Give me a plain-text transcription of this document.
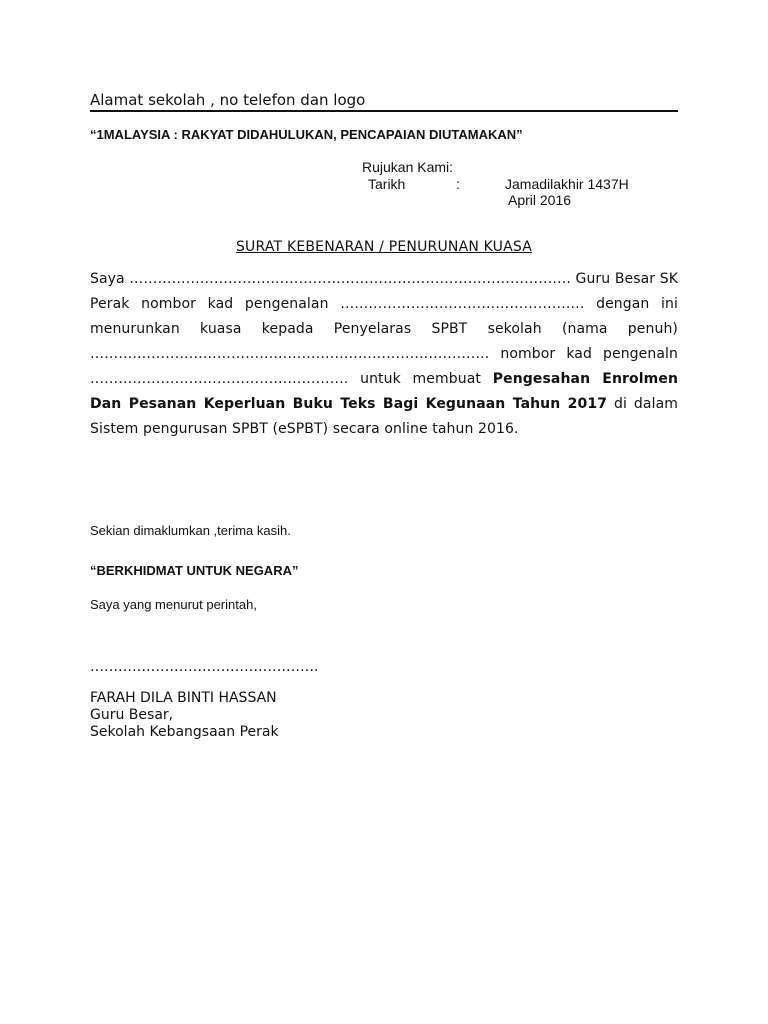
Alamat sekolah , no telefon dan logo
“1MALAYSIA : RAKYAT DIDAHULUKAN, PENCAPAIAN DIUTAMAKAN”
Rujukan Kami:
Tarikh	:	Jamadilakhir 1437H
April 2016
SURAT KEBENARAN / PENURUNAN KUASA
Saya …………………………………………………………………………………. Guru Besar SK Perak nombor kad pengenalan ……………………………………………. dengan ini menurunkan kuasa kepada Penyelaras SPBT sekolah (nama penuh) …………………………………………………………………………. nombor kad pengenaln ………………………………………………. untuk membuat Pengesahan Enrolmen Dan Pesanan Keperluan Buku Teks Bagi Kegunaan Tahun 2017 di dalam Sistem pengurusan SPBT (eSPBT) secara online tahun 2016.
Sekian dimaklumkan ,terima kasih.
“BERKHIDMAT UNTUK NEGARA”
Saya yang menurut perintah,
………………………………………….
FARAH DILA BINTI HASSAN
Guru Besar,
Sekolah Kebangsaan Perak
